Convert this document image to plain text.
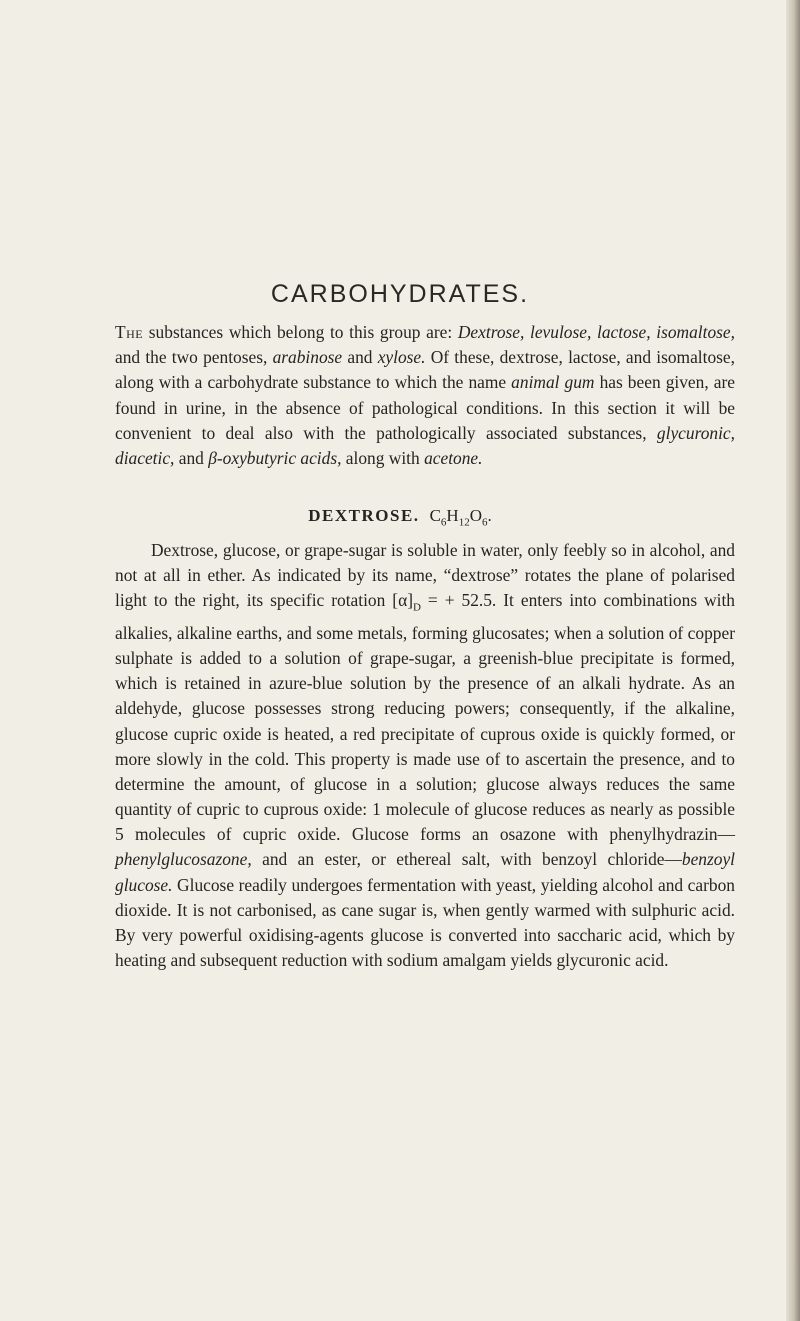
CARBOHYDRATES.

The substances which belong to this group are: Dextrose, levulose, lactose, isomaltose, and the two pentoses, arabinose and xylose. Of these, dextrose, lactose, and isomaltose, along with a carbohydrate substance to which the name animal gum has been given, are found in urine, in the absence of pathological conditions. In this section it will be convenient to deal also with the pathologically associated substances, glycuronic, diacetic, and β-oxybutyric acids, along with acetone.

DEXTROSE. $C_6H_{12}O_6$.

Dextrose, glucose, or grape-sugar is soluble in water, only feebly so in alcohol, and not at all in ether. As indicated by its name, “dextrose” rotates the plane of polarised light to the right, its specific rotation $[\alpha]_D$ = + 52.5. It enters into combinations with alkalies, alkaline earths, and some metals, forming glucosates; when a solution of copper sulphate is added to a solution of grape-sugar, a greenish-blue precipitate is formed, which is retained in azure-blue solution by the presence of an alkali hydrate. As an aldehyde, glucose possesses strong reducing powers; consequently, if the alkaline, glucose cupric oxide is heated, a red precipitate of cuprous oxide is quickly formed, or more slowly in the cold. This property is made use of to ascertain the presence, and to determine the amount, of glucose in a solution; glucose always reduces the same quantity of cupric to cuprous oxide: 1 molecule of glucose reduces as nearly as possible 5 molecules of cupric oxide. Glucose forms an osazone with phenylhydrazin—phenylglucosazone, and an ester, or ethereal salt, with benzoyl chloride—benzoyl glucose. Glucose readily undergoes fermentation with yeast, yielding alcohol and carbon dioxide. It is not carbonised, as cane sugar is, when gently warmed with sulphuric acid. By very powerful oxidising-agents glucose is converted into saccharic acid, which by heating and subsequent reduction with sodium amalgam yields glycuronic acid.
